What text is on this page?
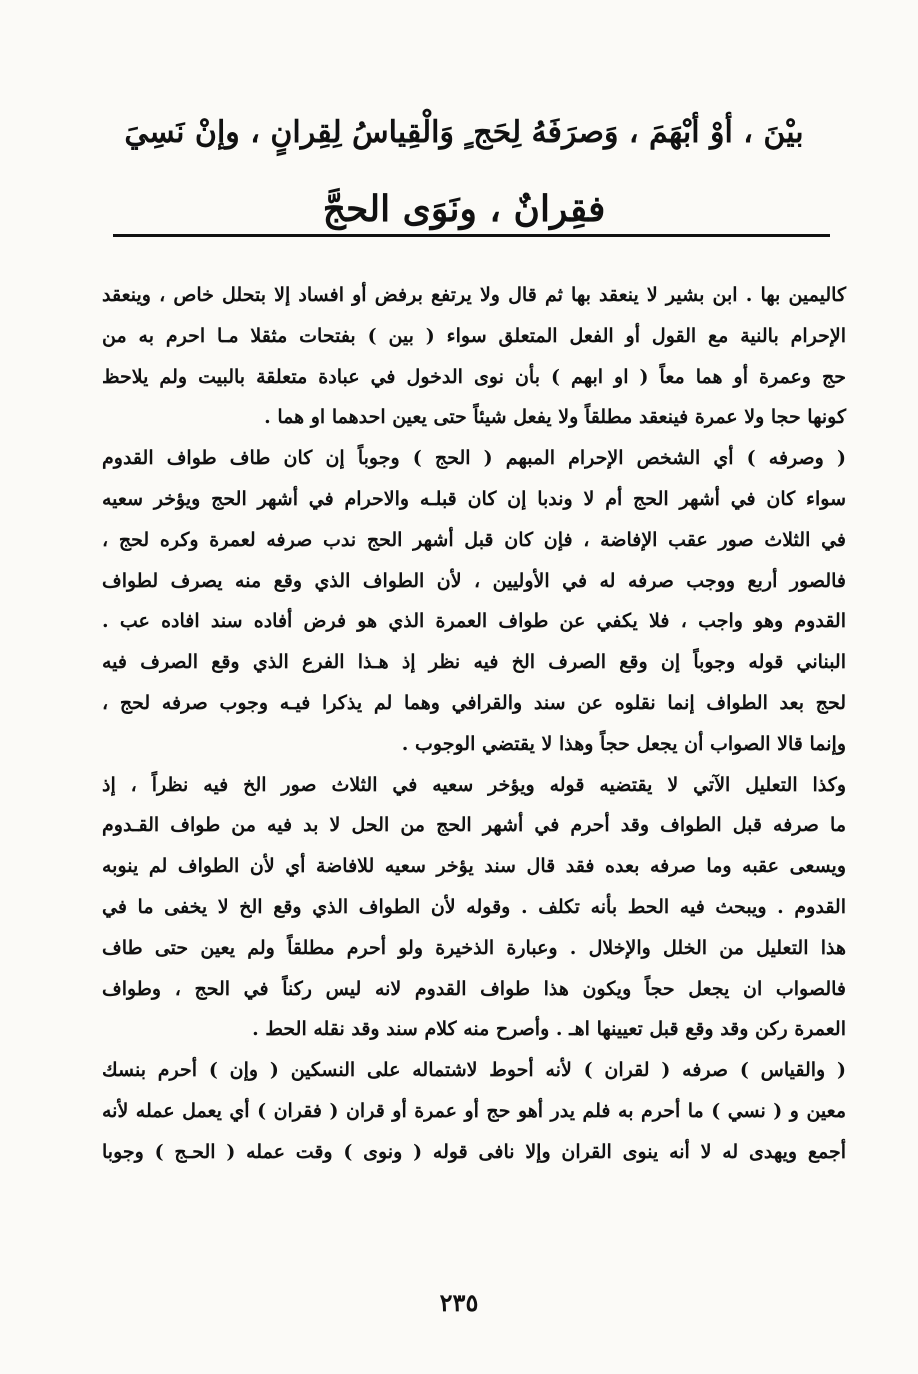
بيْنَ ، أوْ أبْهَمَ ، وَصرَفَهُ لِحَج ٍ وَالْقِياسُ لِقِرانٍ ، وإنْ نَسِيَ
فقِرانٌ ، ونَوَى الحجَّ
كاليمين بها . ابن بشير لا ينعقد بها ثم قال ولا يرتفع برفض أو افساد إلا بتحلل خاص ، وينعقد
الإحرام بالنية مع القول أو الفعل المتعلق سواء ( بين ) بفتحات مثقلا مـا احرم به من
حج وعمرة أو هما معاً ( او ابهم ) بأن نوى الدخول في عبادة متعلقة بالبيت ولم يلاحظ
كونها حجا ولا عمرة فينعقد مطلقاً ولا يفعل شيئاً حتى يعين احدهما او هما .
( وصرفه ) أي الشخص الإحرام المبهم ( الحج ) وجوباً إن كان طاف طواف القدوم
سواء كان في أشهر الحج أم لا وندبا إن كان قبلـه والاحرام في أشهر الحج ويؤخر سعيه
في الثلاث صور عقب الإفاضة ، فإن كان قبل أشهر الحج ندب صرفه لعمرة وكره لحج ،
فالصور أربع ووجب صرفه له في الأوليين ، لأن الطواف الذي وقع منه يصرف لطواف
القدوم وهو واجب ، فلا يكفي عن طواف العمرة الذي هو فرض أفاده سند افاده عب .
البناني قوله وجوباً إن وقع الصرف الخ فيه نظر إذ هـذا الفرع الذي وقع الصرف فيه
لحج بعد الطواف إنما نقلوه عن سند والقرافي وهما لم يذكرا فيـه وجوب صرفه لحج ،
وإنما قالا الصواب أن يجعل حجاً وهذا لا يقتضي الوجوب .
وكذا التعليل الآتي لا يقتضيه قوله ويؤخر سعيه في الثلاث صور الخ فيه نظراً ، إذ
ما صرفه قبل الطواف وقد أحرم في أشهر الحج من الحل لا بد فيه من طواف القـدوم
ويسعى عقبه وما صرفه بعده فقد قال سند يؤخر سعيه للافاضة أي لأن الطواف لم ينوبه
القدوم . ويبحث فيه الحط بأنه تكلف . وقوله لأن الطواف الذي وقع الخ لا يخفى ما في
هذا التعليل من الخلل والإخلال . وعبارة الذخيرة ولو أحرم مطلقاً ولم يعين حتى طاف
فالصواب ان يجعل حجاً ويكون هذا طواف القدوم لانه ليس ركناً في الحج ، وطواف
العمرة ركن وقد وقع قبل تعيينها اهـ . وأصرح منه كلام سند وقد نقله الحط .
( والقياس ) صرفه ( لقران ) لأنه أحوط لاشتماله على النسكين ( وإن ) أحرم بنسك
معين و ( نسي ) ما أحرم به فلم يدر أهو حج أو عمرة أو قران ( فقران ) أي يعمل عمله لأنه
أجمع ويهدى له لا أنه ينوى القران وإلا نافى قوله ( ونوى ) وقت عمله ( الحـج ) وجوبا
٢٣٥
